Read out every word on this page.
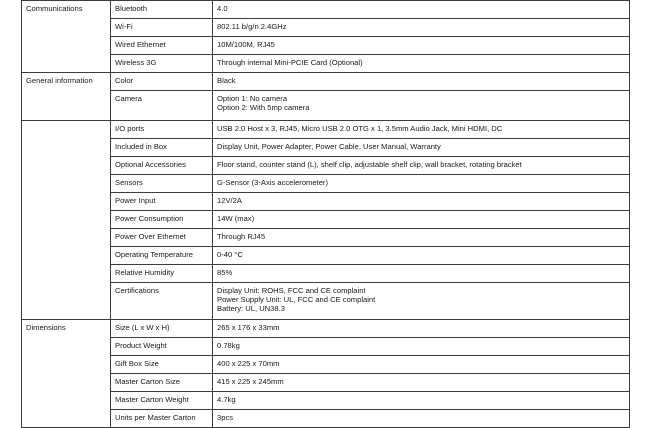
Communications	Bluetooth	4.0
	Wi-Fi	802.11 b/g/n 2.4GHz
	Wired Ethernet	10M/100M, RJ45
	Wireless 3G	Through internal Mini-PCIE Card (Optional)
General information	Color	Black
	Camera	Option 1: No camera
Option 2: With 5mp camera
	I/O ports	USB 2.0 Host x 3, RJ45, Micro USB 2.0 OTG x 1, 3.5mm Audio Jack, Mini HDMI, DC
	Included in Box	Display Unit, Power Adapter, Power Cable, User Manual, Warranty
	Optional Accessories	Floor stand, counter stand (L), shelf clip, adjustable shelf clip, wall bracket, rotating bracket
	Sensors	G-Sensor (3-Axis accelerometer)
	Power Input	12V/2A
	Power Consumption	14W (max)
	Power Over Ethernet	Through RJ45
	Operating Temperature	0-40 °C
	Relative Humidity	85%
	Certifications	Display Unit: ROHS, FCC and CE complaint
Power Supply Unit: UL, FCC and CE complaint
Battery: UL, UN38.3
Dimensions	Size (L x W x H)	265 x 176 x 33mm
	Product Weight	0.78kg
	Gift Box Size	400 x 225 x 70mm
	Master Carton Size	415 x 225 x 245mm
	Master Carton Weight	4.7kg
	Units per Master Carton	3pcs
